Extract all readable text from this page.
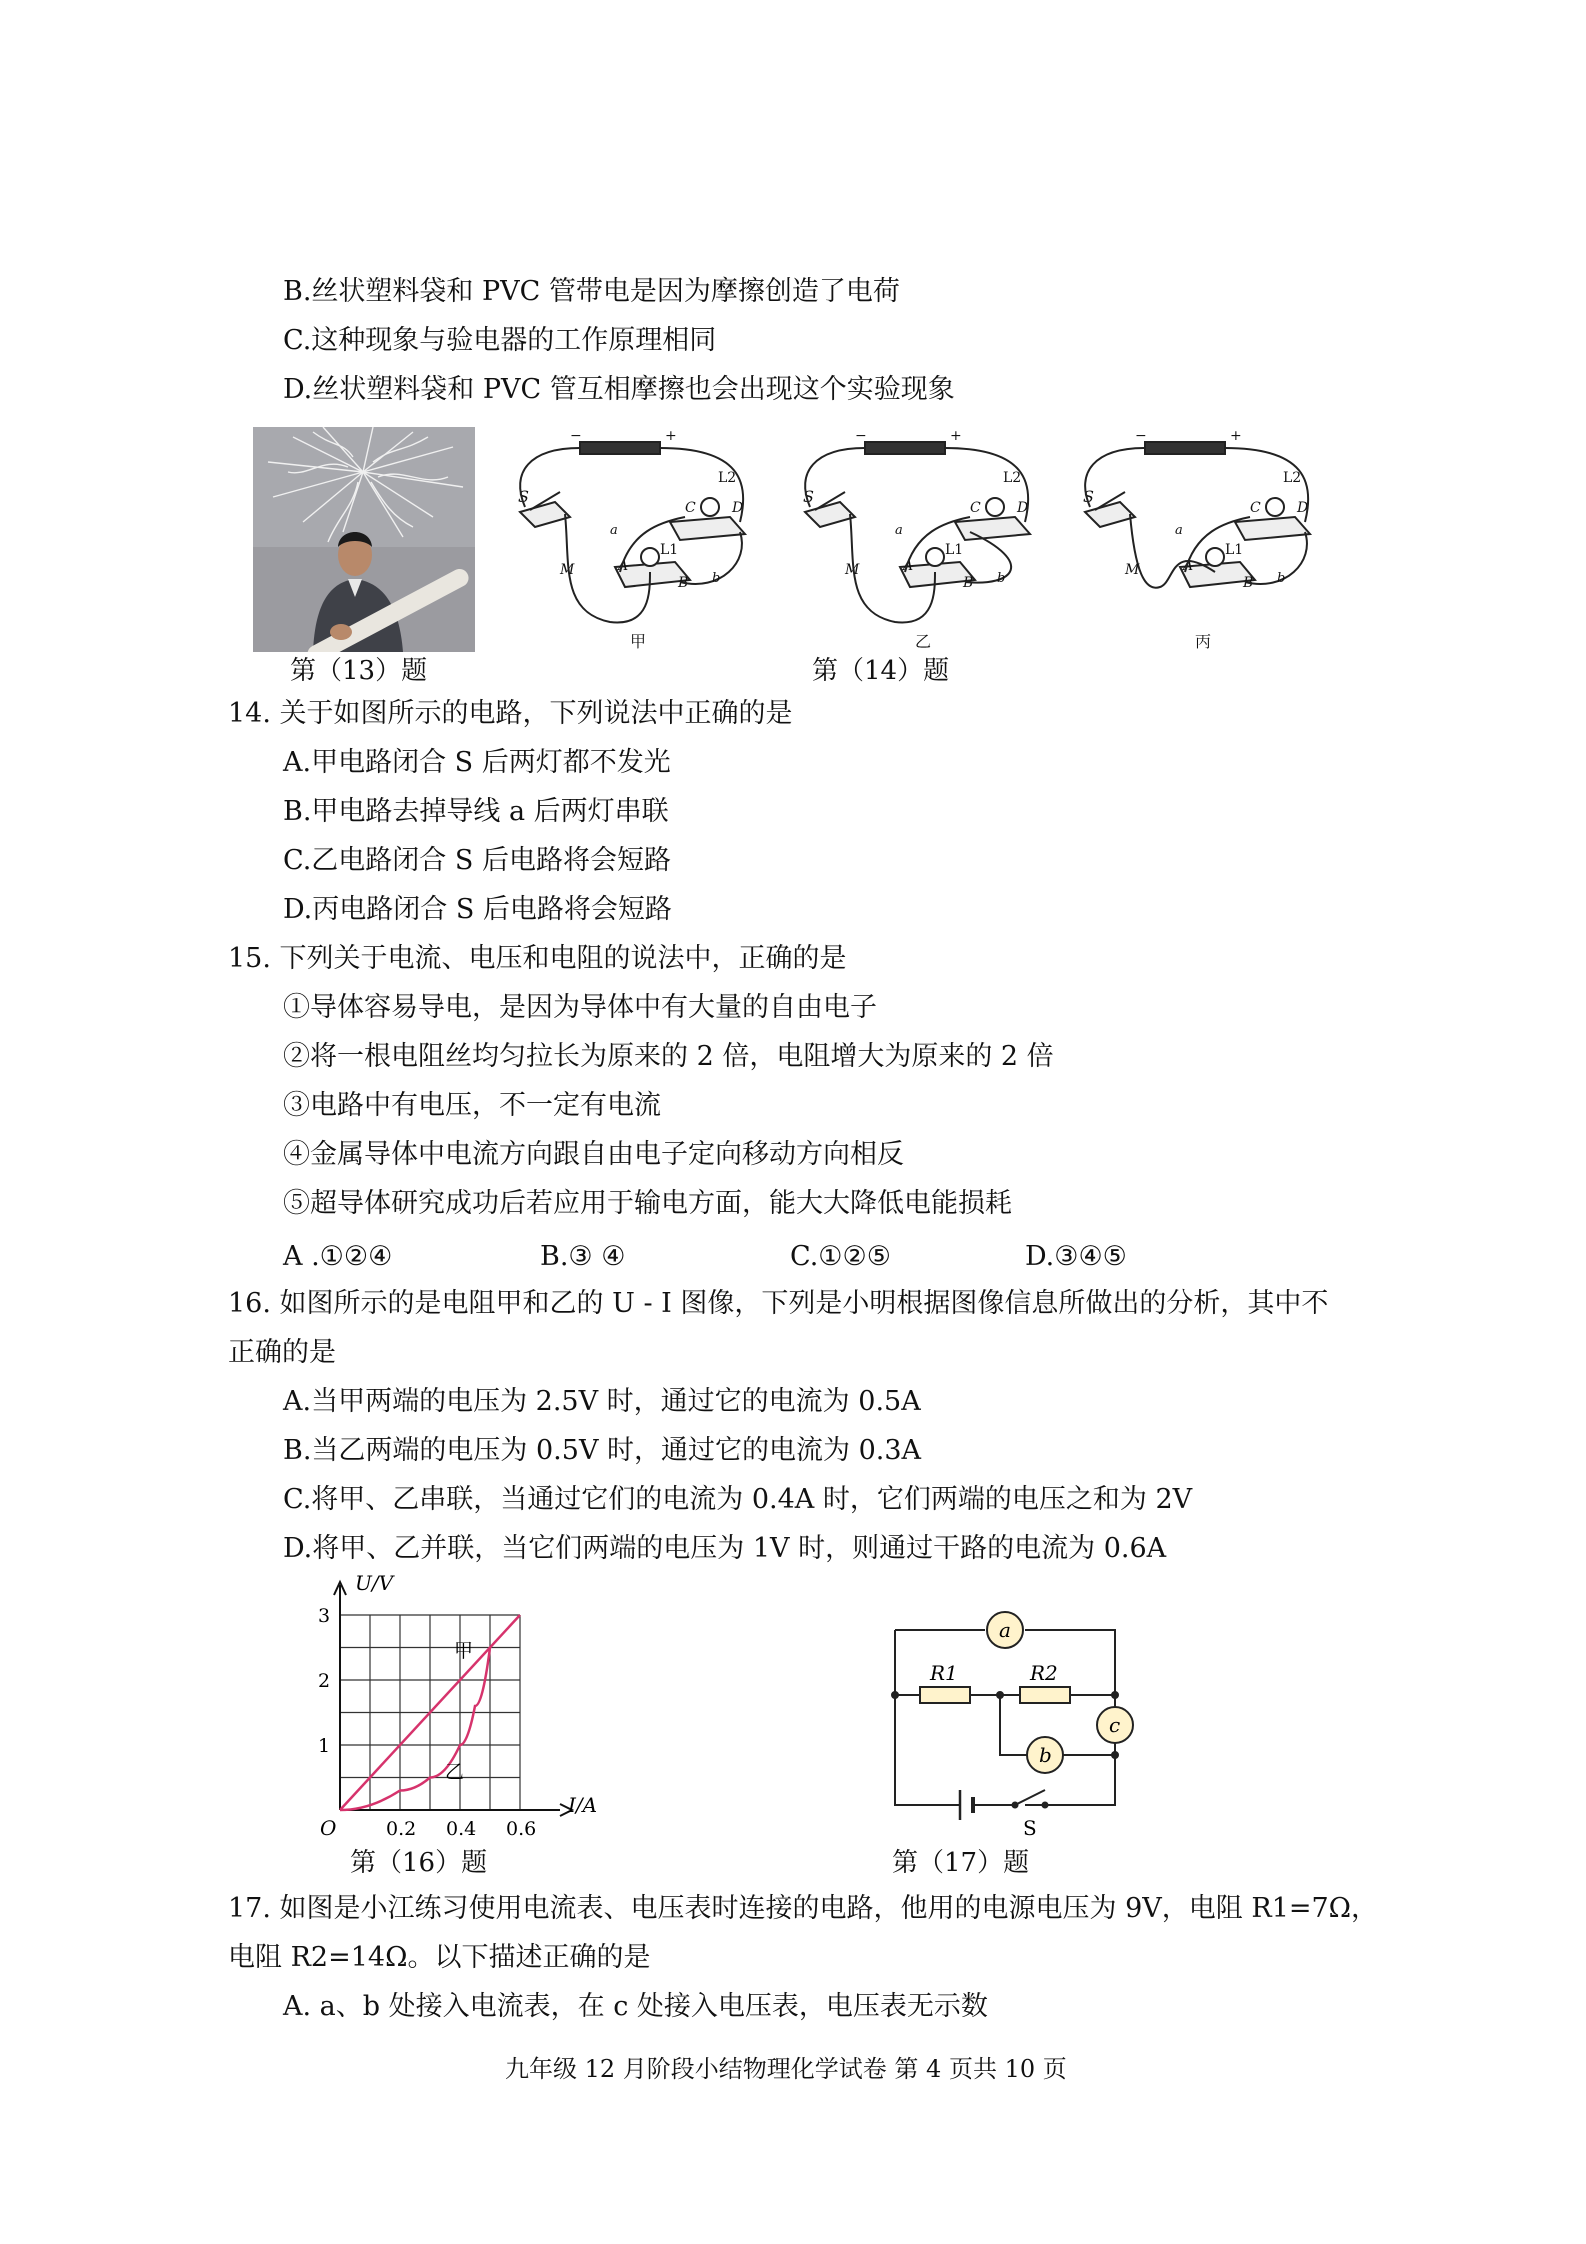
B.丝状塑料袋和 PVC 管带电是因为摩擦创造了电荷
C.这种现象与验电器的工作原理相同
D.丝状塑料袋和 PVC 管互相摩擦也会出现这个实验现象
第（13）题
−	+
S
L1
A
B
L2
C	D
a
b
M
甲
−	+
S
L1
A
B
L2
C	D
a
b
M
乙
−	+
S
L1
A
B
L2
C	D
a
b
M
丙
第（14）题
14. 关于如图所示的电路，下列说法中正确的是
A.甲电路闭合 S 后两灯都不发光
B.甲电路去掉导线 a 后两灯串联
C.乙电路闭合 S 后电路将会短路
D.丙电路闭合 S 后电路将会短路
15. 下列关于电流、电压和电阻的说法中，正确的是
①导体容易导电，是因为导体中有大量的自由电子
②将一根电阻丝均匀拉长为原来的 2 倍，电阻增大为原来的 2 倍
③电路中有电压，不一定有电流
④金属导体中电流方向跟自由电子定向移动方向相反
⑤超导体研究成功后若应用于输电方面，能大大降低电能损耗
A .①②④	B.③ ④	C.①②⑤	D.③④⑤
16. 如图所示的是电阻甲和乙的 U - I 图像，下列是小明根据图像信息所做出的分析，其中不
正确的是
A.当甲两端的电压为 2.5V 时，通过它的电流为 0.5A
B.当乙两端的电压为 0.5V 时，通过它的电流为 0.3A
C.将甲、乙串联，当通过它们的电流为 0.4A 时，它们两端的电压之和为 2V
D.将甲、乙并联，当它们两端的电压为 1V 时，则通过干路的电流为 0.6A
U/V
I/A
O	0.2 0.4 0.6
1
2
3
甲
乙
第（16）题
a
b
c
R1	R2
S
第（17）题
17. 如图是小江练习使用电流表、电压表时连接的电路，他用的电源电压为 9V，电阻 R1=7Ω，
电阻 R2=14Ω。以下描述正确的是
A. a、b 处接入电流表，在 c 处接入电压表，电压表无示数
九年级 12 月阶段小结物理化学试卷 第 4 页共 10 页
